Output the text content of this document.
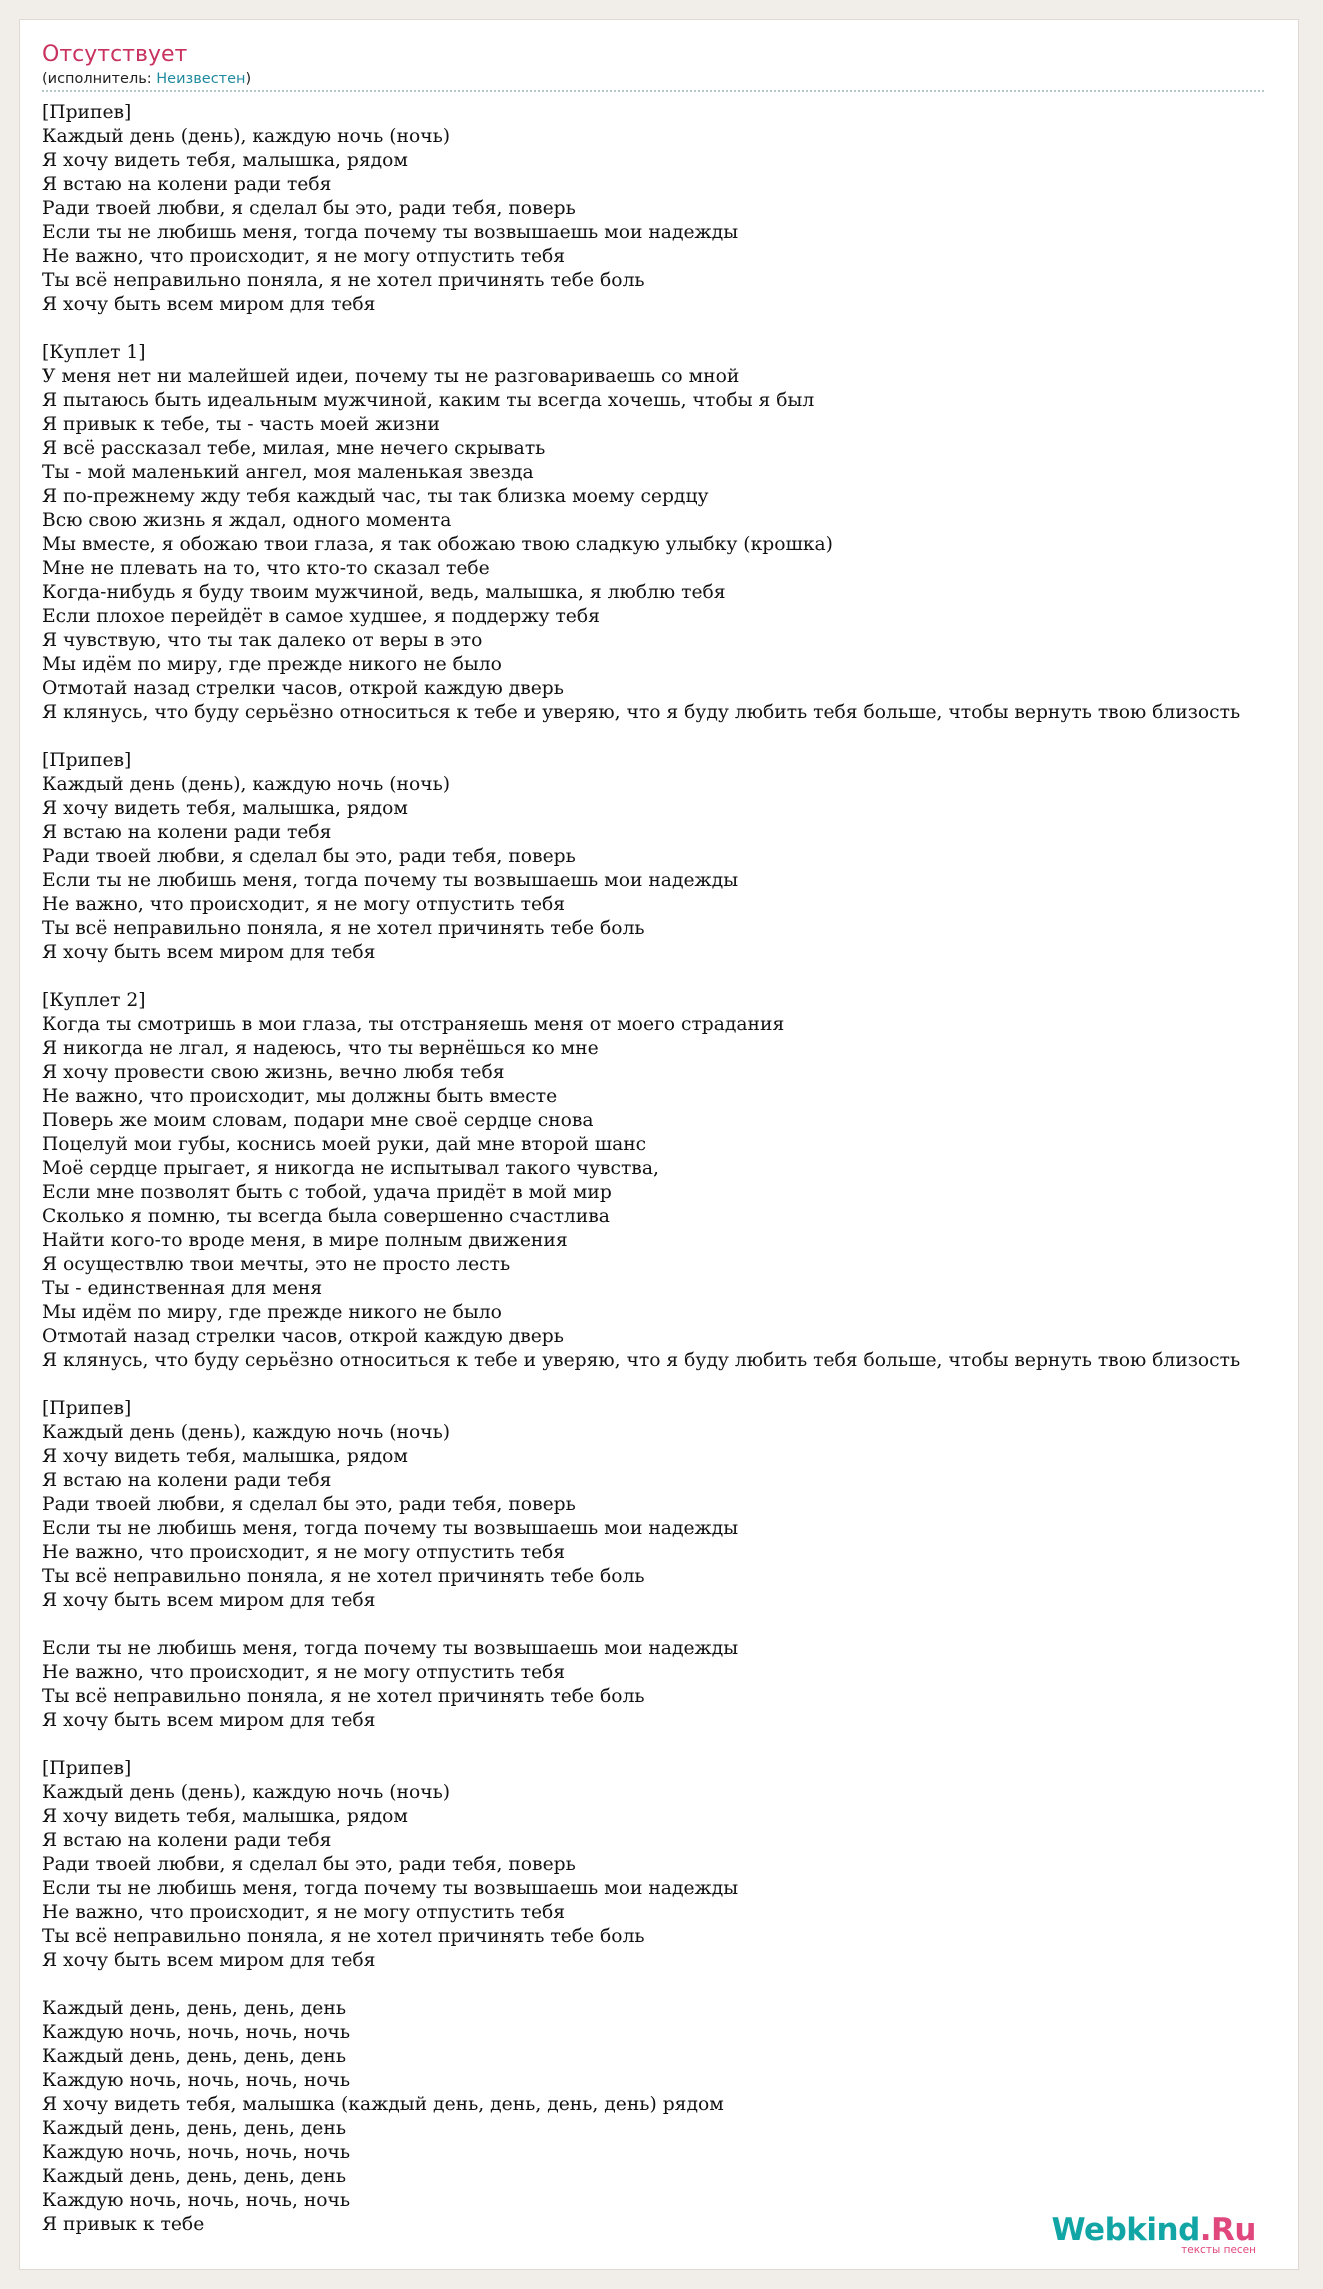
Отсутствует
(исполнитель: Неизвестен)
[Припев]
Каждый день (день), каждую ночь (ночь)
Я хочу видеть тебя, малышка, рядом
Я встаю на колени ради тебя
Ради твоей любви, я сделал бы это, ради тебя, поверь
Если ты не любишь меня, тогда почему ты возвышаешь мои надежды
Не важно, что происходит, я не могу отпустить тебя
Ты всё неправильно поняла, я не хотел причинять тебе боль
Я хочу быть всем миром для тебя
[Куплет 1]
У меня нет ни малейшей идеи, почему ты не разговариваешь со мной
Я пытаюсь быть идеальным мужчиной, каким ты всегда хочешь, чтобы я был
Я привык к тебе, ты - часть моей жизни
Я всё рассказал тебе, милая, мне нечего скрывать
Ты - мой маленький ангел, моя маленькая звезда
Я по-прежнему жду тебя каждый час, ты так близка моему сердцу
Всю свою жизнь я ждал, одного момента
Мы вместе, я обожаю твои глаза, я так обожаю твою сладкую улыбку (крошка)
Мне не плевать на то, что кто-то сказал тебе
Когда-нибудь я буду твоим мужчиной, ведь, малышка, я люблю тебя
Если плохое перейдёт в самое худшее, я поддержу тебя
Я чувствую, что ты так далеко от веры в это
Мы идём по миру, где прежде никого не было
Отмотай назад стрелки часов, открой каждую дверь
Я клянусь, что буду серьёзно относиться к тебе и уверяю, что я буду любить тебя больше, чтобы вернуть твою близость
[Припев]
Каждый день (день), каждую ночь (ночь)
Я хочу видеть тебя, малышка, рядом
Я встаю на колени ради тебя
Ради твоей любви, я сделал бы это, ради тебя, поверь
Если ты не любишь меня, тогда почему ты возвышаешь мои надежды
Не важно, что происходит, я не могу отпустить тебя
Ты всё неправильно поняла, я не хотел причинять тебе боль
Я хочу быть всем миром для тебя
[Куплет 2]
Когда ты смотришь в мои глаза, ты отстраняешь меня от моего страдания
Я никогда не лгал, я надеюсь, что ты вернёшься ко мне
Я хочу провести свою жизнь, вечно любя тебя
Не важно, что происходит, мы должны быть вместе
Поверь же моим словам, подари мне своё сердце снова
Поцелуй мои губы, коснись моей руки, дай мне второй шанс
Моё сердце прыгает, я никогда не испытывал такого чувства,
Если мне позволят быть с тобой, удача придёт в мой мир
Сколько я помню, ты всегда была совершенно счастлива
Найти кого-то вроде меня, в мире полным движения
Я осуществлю твои мечты, это не просто лесть
Ты - единственная для меня
Мы идём по миру, где прежде никого не было
Отмотай назад стрелки часов, открой каждую дверь
Я клянусь, что буду серьёзно относиться к тебе и уверяю, что я буду любить тебя больше, чтобы вернуть твою близость
[Припев]
Каждый день (день), каждую ночь (ночь)
Я хочу видеть тебя, малышка, рядом
Я встаю на колени ради тебя
Ради твоей любви, я сделал бы это, ради тебя, поверь
Если ты не любишь меня, тогда почему ты возвышаешь мои надежды
Не важно, что происходит, я не могу отпустить тебя
Ты всё неправильно поняла, я не хотел причинять тебе боль
Я хочу быть всем миром для тебя
Если ты не любишь меня, тогда почему ты возвышаешь мои надежды
Не важно, что происходит, я не могу отпустить тебя
Ты всё неправильно поняла, я не хотел причинять тебе боль
Я хочу быть всем миром для тебя
[Припев]
Каждый день (день), каждую ночь (ночь)
Я хочу видеть тебя, малышка, рядом
Я встаю на колени ради тебя
Ради твоей любви, я сделал бы это, ради тебя, поверь
Если ты не любишь меня, тогда почему ты возвышаешь мои надежды
Не важно, что происходит, я не могу отпустить тебя
Ты всё неправильно поняла, я не хотел причинять тебе боль
Я хочу быть всем миром для тебя
Каждый день, день, день, день
Каждую ночь, ночь, ночь, ночь
Каждый день, день, день, день
Каждую ночь, ночь, ночь, ночь
Я хочу видеть тебя, малышка (каждый день, день, день, день) рядом
Каждый день, день, день, день
Каждую ночь, ночь, ночь, ночь
Каждый день, день, день, день
Каждую ночь, ночь, ночь, ночь
Я привык к тебе	Webkind.Ru
тексты песен
